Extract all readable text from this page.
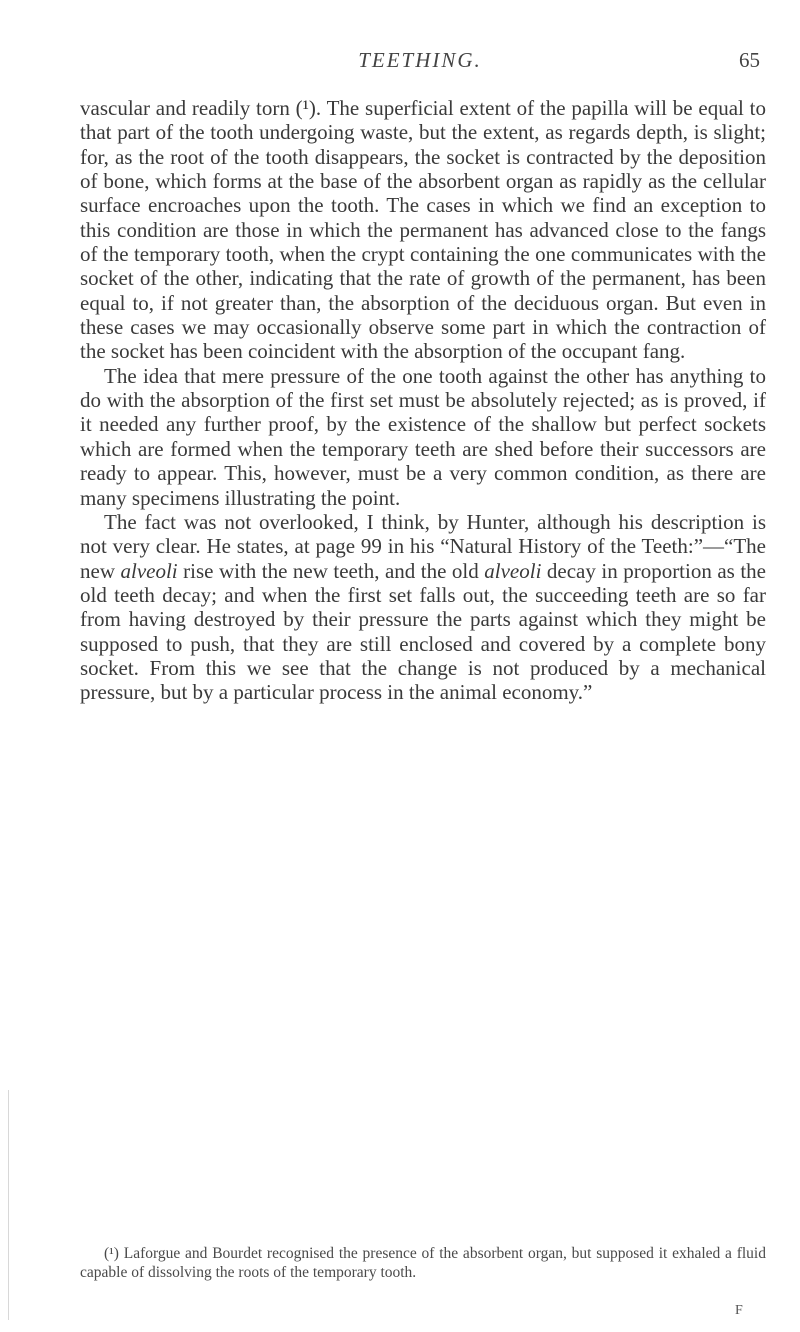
TEETHING.	65

vascular and readily torn (¹). The superficial extent of the papilla will be equal to that part of the tooth undergoing waste, but the extent, as regards depth, is slight; for, as the root of the tooth disappears, the socket is contracted by the deposition of bone, which forms at the base of the absorbent organ as rapidly as the cellular surface encroaches upon the tooth. The cases in which we find an exception to this condition are those in which the permanent has advanced close to the fangs of the temporary tooth, when the crypt containing the one communicates with the socket of the other, indicating that the rate of growth of the permanent, has been equal to, if not greater than, the absorption of the deciduous organ. But even in these cases we may occasionally observe some part in which the contraction of the socket has been coincident with the absorption of the occupant fang.

The idea that mere pressure of the one tooth against the other has anything to do with the absorption of the first set must be absolutely rejected; as is proved, if it needed any further proof, by the existence of the shallow but perfect sockets which are formed when the temporary teeth are shed before their successors are ready to appear. This, however, must be a very common condition, as there are many specimens illustrating the point.

The fact was not overlooked, I think, by Hunter, although his description is not very clear. He states, at page 99 in his “Natural History of the Teeth:”—“The new alveoli rise with the new teeth, and the old alveoli decay in proportion as the old teeth decay; and when the first set falls out, the succeeding teeth are so far from having destroyed by their pressure the parts against which they might be supposed to push, that they are still enclosed and covered by a complete bony socket. From this we see that the change is not produced by a mechanical pressure, but by a particular process in the animal economy.”

(¹) Laforgue and Bourdet recognised the presence of the absorbent organ, but supposed it exhaled a fluid capable of dissolving the roots of the temporary tooth.
F
